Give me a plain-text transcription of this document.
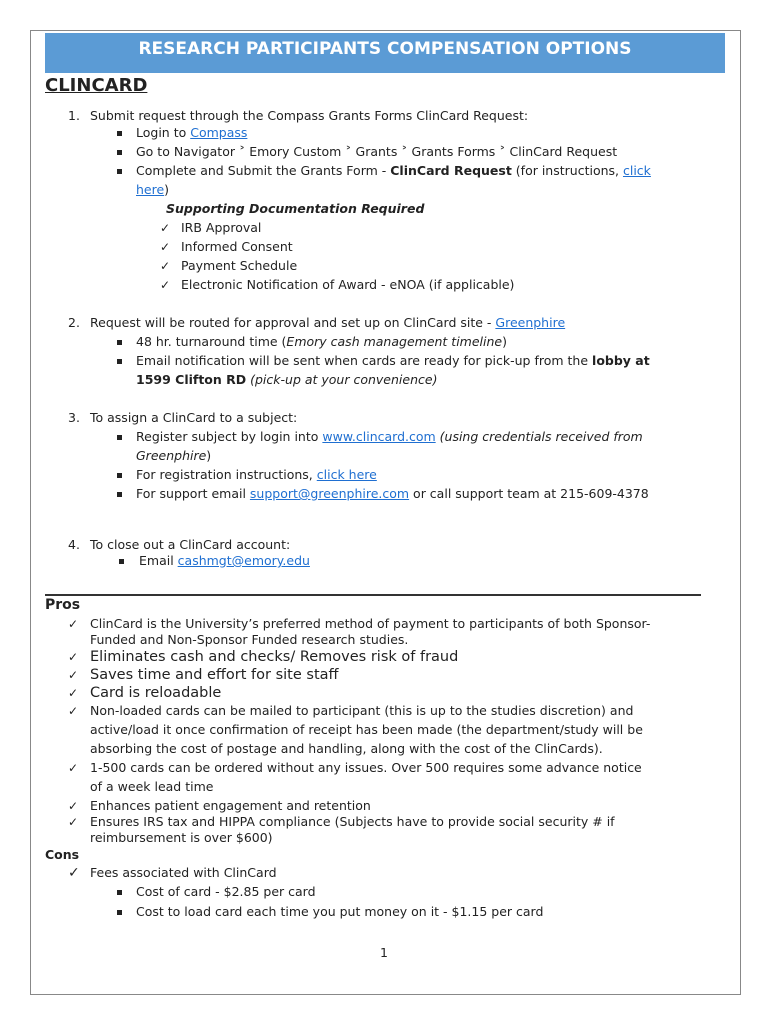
RESEARCH PARTICIPANTS COMPENSATION OPTIONS
CLINCARD
1. Submit request through the Compass Grants Forms ClinCard Request:
Login to Compass
Go to Navigator ˃ Emory Custom ˃ Grants ˃ Grants Forms ˃ ClinCard Request
Complete and Submit the Grants Form - ClinCard Request (for instructions, click
here)
Supporting Documentation Required
✓ IRB Approval
✓ Informed Consent
✓ Payment Schedule
✓ Electronic Notification of Award - eNOA (if applicable)
2. Request will be routed for approval and set up on ClinCard site - Greenphire
48 hr. turnaround time (Emory cash management timeline)
Email notification will be sent when cards are ready for pick-up from the lobby at
1599 Clifton RD (pick-up at your convenience)
3. To assign a ClinCard to a subject:
Register subject by login into www.clincard.com (using credentials received from
Greenphire)
For registration instructions, click here
For support email support@greenphire.com or call support team at 215-609-4378
4. To close out a ClinCard account:
Email cashmgt@emory.edu
Pros
✓ ClinCard is the University’s preferred method of payment to participants of both Sponsor-
Funded and Non-Sponsor Funded research studies.
✓ Eliminates cash and checks/ Removes risk of fraud
✓ Saves time and effort for site staff
✓ Card is reloadable
✓ Non-loaded cards can be mailed to participant (this is up to the studies discretion) and
active/load it once confirmation of receipt has been made (the department/study will be
absorbing the cost of postage and handling, along with the cost of the ClinCards).
✓ 1-500 cards can be ordered without any issues. Over 500 requires some advance notice
of a week lead time
✓ Enhances patient engagement and retention
✓ Ensures IRS tax and HIPPA compliance (Subjects have to provide social security # if
reimbursement is over $600)
Cons
✓ Fees associated with ClinCard
Cost of card - $2.85 per card
Cost to load card each time you put money on it - $1.15 per card
1
